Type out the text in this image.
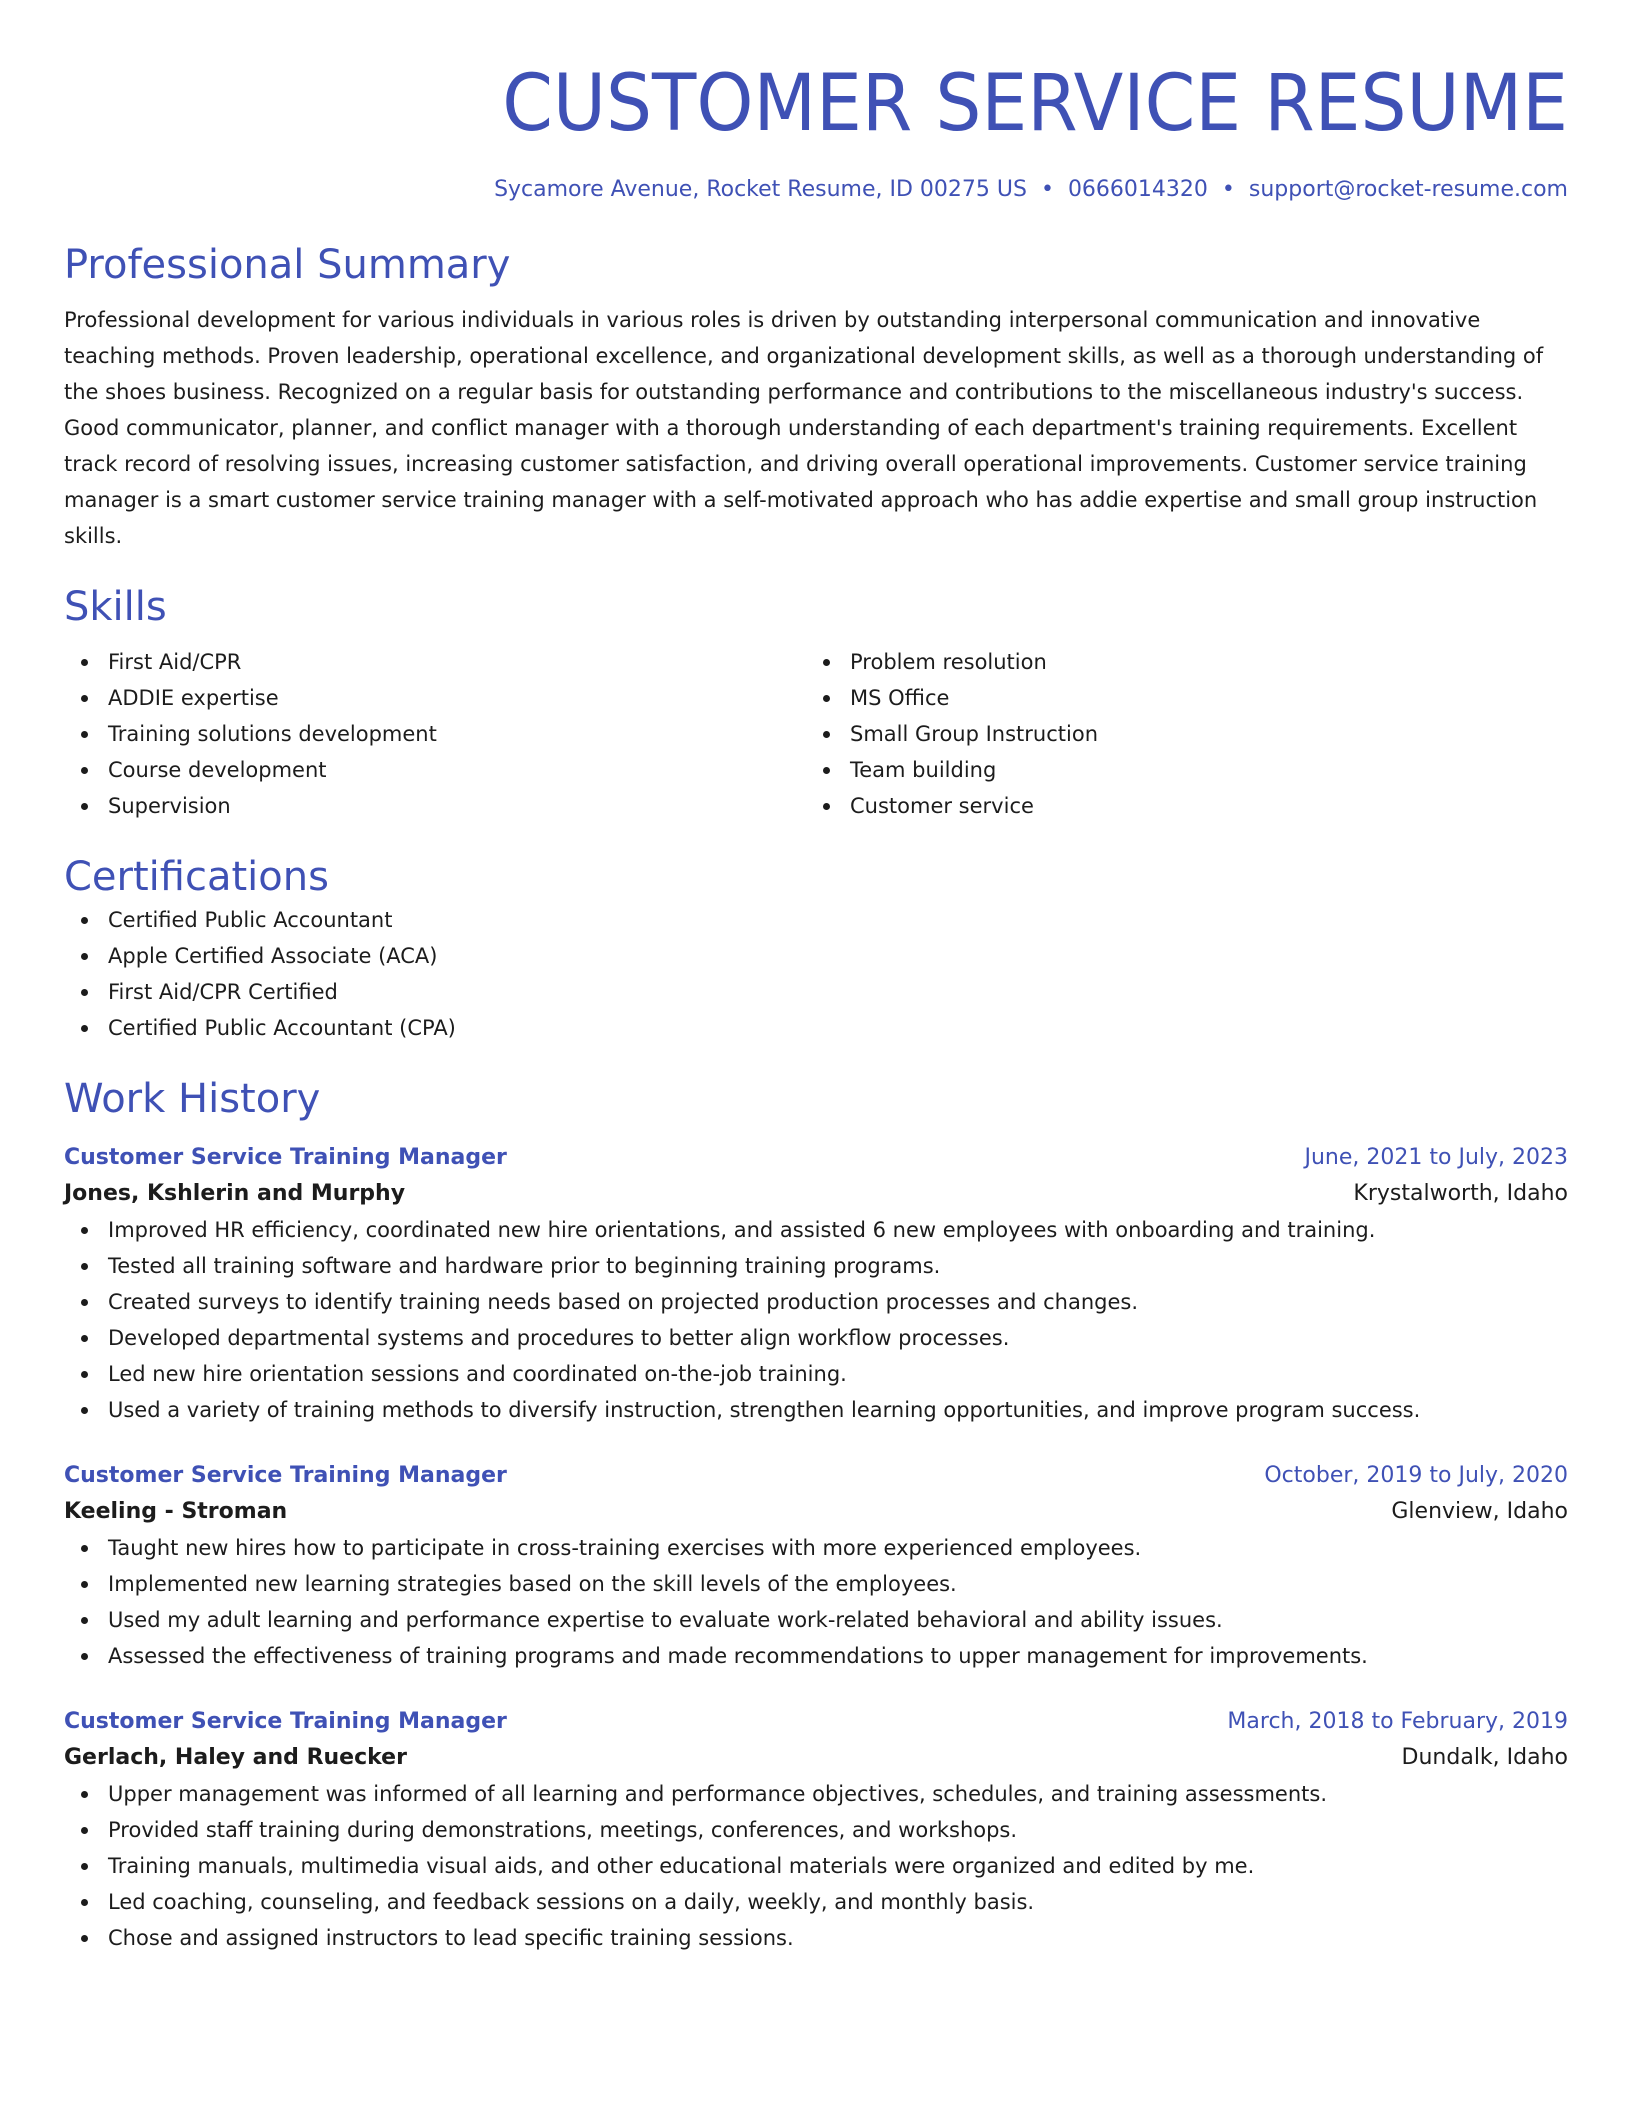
CUSTOMER SERVICE RESUME
Sycamore Avenue, Rocket Resume, ID 00275 US • 0666014320 • support@rocket-resume.com
Professional Summary

Professional development for various individuals in various roles is driven by outstanding interpersonal communication and innovative teaching methods. Proven leadership, operational excellence, and organizational development skills, as well as a thorough understanding of the shoes business. Recognized on a regular basis for outstanding performance and contributions to the miscellaneous industry's success. Good communicator, planner, and conflict manager with a thorough understanding of each department's training requirements. Excellent track record of resolving issues, increasing customer satisfaction, and driving overall operational improvements. Customer service training manager is a smart customer service training manager with a self-motivated approach who has addie expertise and small group instruction skills.

Skills
First Aid/CPR
ADDIE expertise
Training solutions development
Course development
Supervision
Problem resolution
MS Office
Small Group Instruction
Team building
Customer service
Certifications
Certified Public Accountant
Apple Certified Associate (ACA)
First Aid/CPR Certified
Certified Public Accountant (CPA)
Work History
Customer Service Training Manager	June, 2021 to July, 2023
Jones, Kshlerin and Murphy	Krystalworth, Idaho
Improved HR efficiency, coordinated new hire orientations, and assisted 6 new employees with onboarding and training.
Tested all training software and hardware prior to beginning training programs.
Created surveys to identify training needs based on projected production processes and changes.
Developed departmental systems and procedures to better align workflow processes.
Led new hire orientation sessions and coordinated on-the-job training.
Used a variety of training methods to diversify instruction, strengthen learning opportunities, and improve program success.
Customer Service Training Manager	October, 2019 to July, 2020
Keeling - Stroman	Glenview, Idaho
Taught new hires how to participate in cross-training exercises with more experienced employees.
Implemented new learning strategies based on the skill levels of the employees.
Used my adult learning and performance expertise to evaluate work-related behavioral and ability issues.
Assessed the effectiveness of training programs and made recommendations to upper management for improvements.
Customer Service Training Manager	March, 2018 to February, 2019
Gerlach, Haley and Ruecker	Dundalk, Idaho
Upper management was informed of all learning and performance objectives, schedules, and training assessments.
Provided staff training during demonstrations, meetings, conferences, and workshops.
Training manuals, multimedia visual aids, and other educational materials were organized and edited by me.
Led coaching, counseling, and feedback sessions on a daily, weekly, and monthly basis.
Chose and assigned instructors to lead specific training sessions.
